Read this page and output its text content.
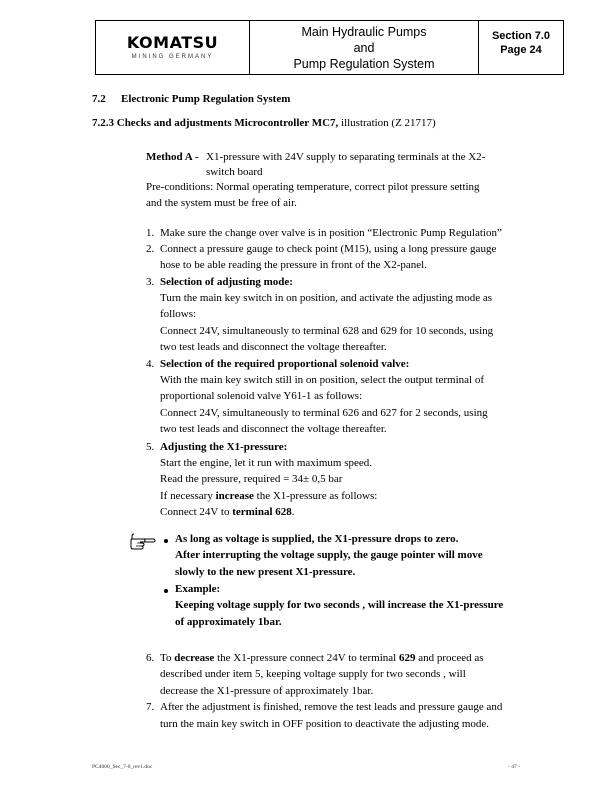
KOMATSU
MINING GERMANY
Main Hydraulic Pumps
and
Pump Regulation System
Section 7.0
Page 24
7.2 Electronic Pump Regulation System
7.2.3 Checks and adjustments Microcontroller MC7, illustration (Z 21717)
Method A - X1-pressure with 24V supply to separating terminals at the X2-
switch board
Pre-conditions: Normal operating temperature, correct pilot pressure setting
and the system must be free of air.
1. Make sure the change over valve is in position “Electronic Pump Regulation”
2. Connect a pressure gauge to check point (M15), using a long pressure gauge
hose to be able reading the pressure in front of the X2-panel.
3. Selection of adjusting mode:
Turn the main key switch in on position, and activate the adjusting mode as
follows:
Connect 24V, simultaneously to terminal 628 and 629 for 10 seconds, using
two test leads and disconnect the voltage thereafter.
4. Selection of the required proportional solenoid valve:
With the main key switch still in on position, select the output terminal of
proportional solenoid valve Y61-1 as follows:
Connect 24V, simultaneously to terminal 626 and 627 for 2 seconds, using
two test leads and disconnect the voltage thereafter.
5. Adjusting the X1-pressure:
Start the engine, let it run with maximum speed.
Read the pressure, required = 34± 0,5 bar
If necessary increase the X1-pressure as follows:
Connect 24V to terminal 628.
As long as voltage is supplied, the X1-pressure drops to zero.
After interrupting the voltage supply, the gauge pointer will move
slowly to the new present X1-pressure.
Example:
Keeping voltage supply for two seconds , will increase the X1-pressure
of approximately 1bar.
6. To decrease the X1-pressure connect 24V to terminal 629 and proceed as
described under item 5, keeping voltage supply for two seconds , will
decrease the X1-pressure of approximately 1bar.
7. After the adjustment is finished, remove the test leads and pressure gauge and
turn the main key switch in OFF position to deactivate the adjusting mode.
PC4000_Sec_7-0_rev1.doc	- 47 -
